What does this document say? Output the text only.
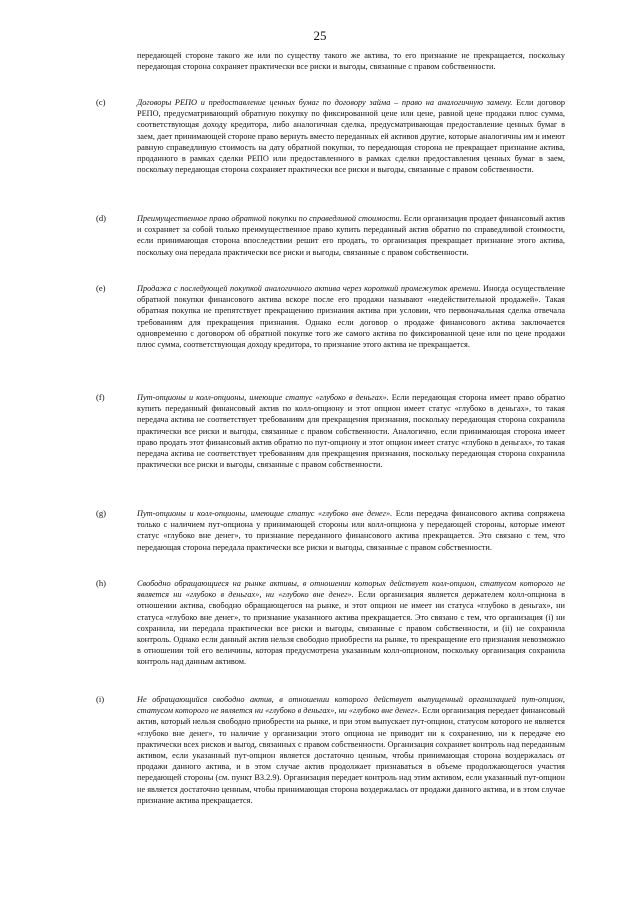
25
передающей стороне такого же или по существу такого же актива, то его признание не прекращается, поскольку передающая сторона сохраняет практически все риски и выгоды, связанные с правом собственности.
(c)	Договоры РЕПО и предоставление ценных бумаг по договору займа – право на аналогичную замену. Если договор РЕПО, предусматривающий обратную покупку по фиксированной цене или цене, равной цене продажи плюс сумма, соответствующая доходу кредитора, либо аналогичная сделка, предусматривающая предоставление ценных бумаг в заем, дает принимающей стороне право вернуть вместо переданных ей активов другие, которые аналогичны им и имеют равную справедливую стоимость на дату обратной покупки, то передающая сторона не прекращает признание актива, проданного в рамках сделки РЕПО или предоставленного в рамках сделки предоставления ценных бумаг в заем, поскольку передающая сторона сохраняет практически все риски и выгоды, связанные с правом собственности.
(d)	Преимущественное право обратной покупки по справедливой стоимости. Если организация продает финансовый актив и сохраняет за собой только преимущественное право купить переданный актив обратно по справедливой стоимости, если принимающая сторона впоследствии решит его продать, то организация прекращает признание этого актива, поскольку она передала практически все риски и выгоды, связанные с правом собственности.
(e)	Продажа с последующей покупкой аналогичного актива через короткий промежуток времени. Иногда осуществление обратной покупки финансового актива вскоре после его продажи называют «недействительной продажей». Такая обратная покупка не препятствует прекращению признания актива при условии, что первоначальная сделка отвечала требованиям для прекращения признания. Однако если договор о продаже финансового актива заключается одновременно с договором об обратной покупке того же самого актива по фиксированной цене или по цене продажи плюс сумма, соответствующая доходу кредитора, то признание этого актива не прекращается.
(f)	Пут-опционы и колл-опционы, имеющие статус «глубоко в деньгах». Если передающая сторона имеет право обратно купить переданный финансовый актив по колл-опциону и этот опцион имеет статус «глубоко в деньгах», то такая передача актива не соответствует требованиям для прекращения признания, поскольку передающая сторона сохранила практически все риски и выгоды, связанные с правом собственности. Аналогично, если принимающая сторона имеет право продать этот финансовый актив обратно по пут-опциону и этот опцион имеет статус «глубоко в деньгах», то такая передача актива не соответствует требованиям для прекращения признания, поскольку передающая сторона сохранила практически все риски и выгоды, связанные с правом собственности.
(g)	Пут-опционы и колл-опционы, имеющие статус «глубоко вне денег». Если передача финансового актива сопряжена только с наличием пут-опциона у принимающей стороны или колл-опциона у передающей стороны, которые имеют статус «глубоко вне денег», то признание переданного финансового актива прекращается. Это связано с тем, что передающая сторона передала практически все риски и выгоды, связанные с правом собственности.
(h)	Свободно обращающиеся на рынке активы, в отношении которых действует колл-опцион, статусом которого не является ни «глубоко в деньгах», ни «глубоко вне денег». Если организация является держателем колл-опциона в отношении актива, свободно обращающегося на рынке, и этот опцион не имеет ни статуса «глубоко в деньгах», ни статуса «глубоко вне денег», то признание указанного актива прекращается. Это связано с тем, что организация (i) ни сохранила, ни передала практически все риски и выгоды, связанные с правом собственности, и (ii) не сохранила контроль. Однако если данный актив нельзя свободно приобрести на рынке, то прекращение его признания невозможно в отношении той его величины, которая предусмотрена указанным колл-опционом, поскольку организация сохранила контроль над данным активом.
(i)	Не обращающийся свободно актив, в отношении которого действует выпущенный организацией пут-опцион, статусом которого не является ни «глубоко в деньгах», ни «глубоко вне денег». Если организация передает финансовый актив, который нельзя свободно приобрести на рынке, и при этом выпускает пут-опцион, статусом которого не является «глубоко вне денег», то наличие у организации этого опциона не приводит ни к сохранению, ни к передаче ею практически всех рисков и выгод, связанных с правом собственности. Организация сохраняет контроль над переданным активом, если указанный пут-опцион является достаточно ценным, чтобы принимающая сторона воздержалась от продажи данного актива, и в этом случае актив продолжает признаваться в объеме продолжающегося участия передающей стороны (см. пункт B3.2.9). Организация передает контроль над этим активом, если указанный пут-опцион не является достаточно ценным, чтобы принимающая сторона воздержалась от продажи данного актива, и в этом случае признание актива прекращается.
